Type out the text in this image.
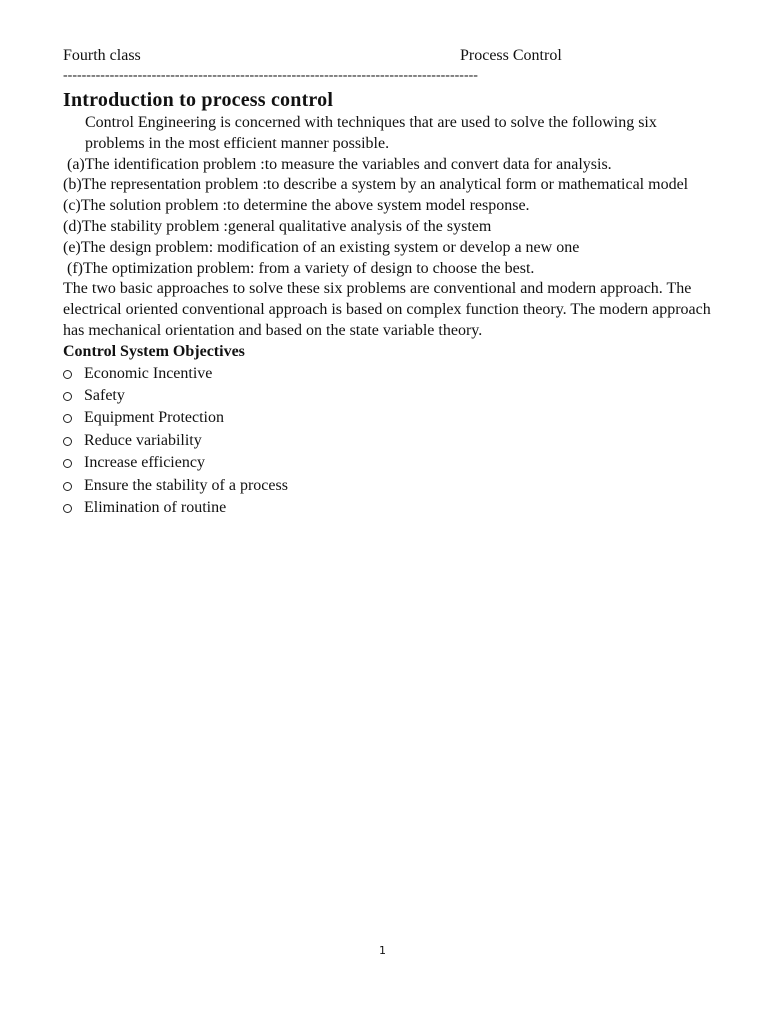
Fourth class	Process Control
-----------------------------------------------------------------------------------------
Introduction to process control

Control Engineering is concerned with techniques that are used to solve the following six problems in the most efficient manner possible.

(a)The identification problem :to measure the variables and convert data for analysis.

(b)The representation problem :to describe a system by an analytical form or mathematical model

(c)The solution problem :to determine the above system model response.

(d)The stability problem :general qualitative analysis of the system

(e)The design problem: modification of an existing system or develop a new one

(f)The optimization problem: from a variety of design to choose the best.

The two basic approaches to solve these six problems are conventional and modern approach. The electrical oriented conventional approach is based on complex function theory. The modern approach has mechanical orientation and based on the state variable theory.

Control System Objectives

Economic Incentive
Safety
Equipment Protection
Reduce variability
Increase efficiency
Ensure the stability of a process
Elimination of routine
1
